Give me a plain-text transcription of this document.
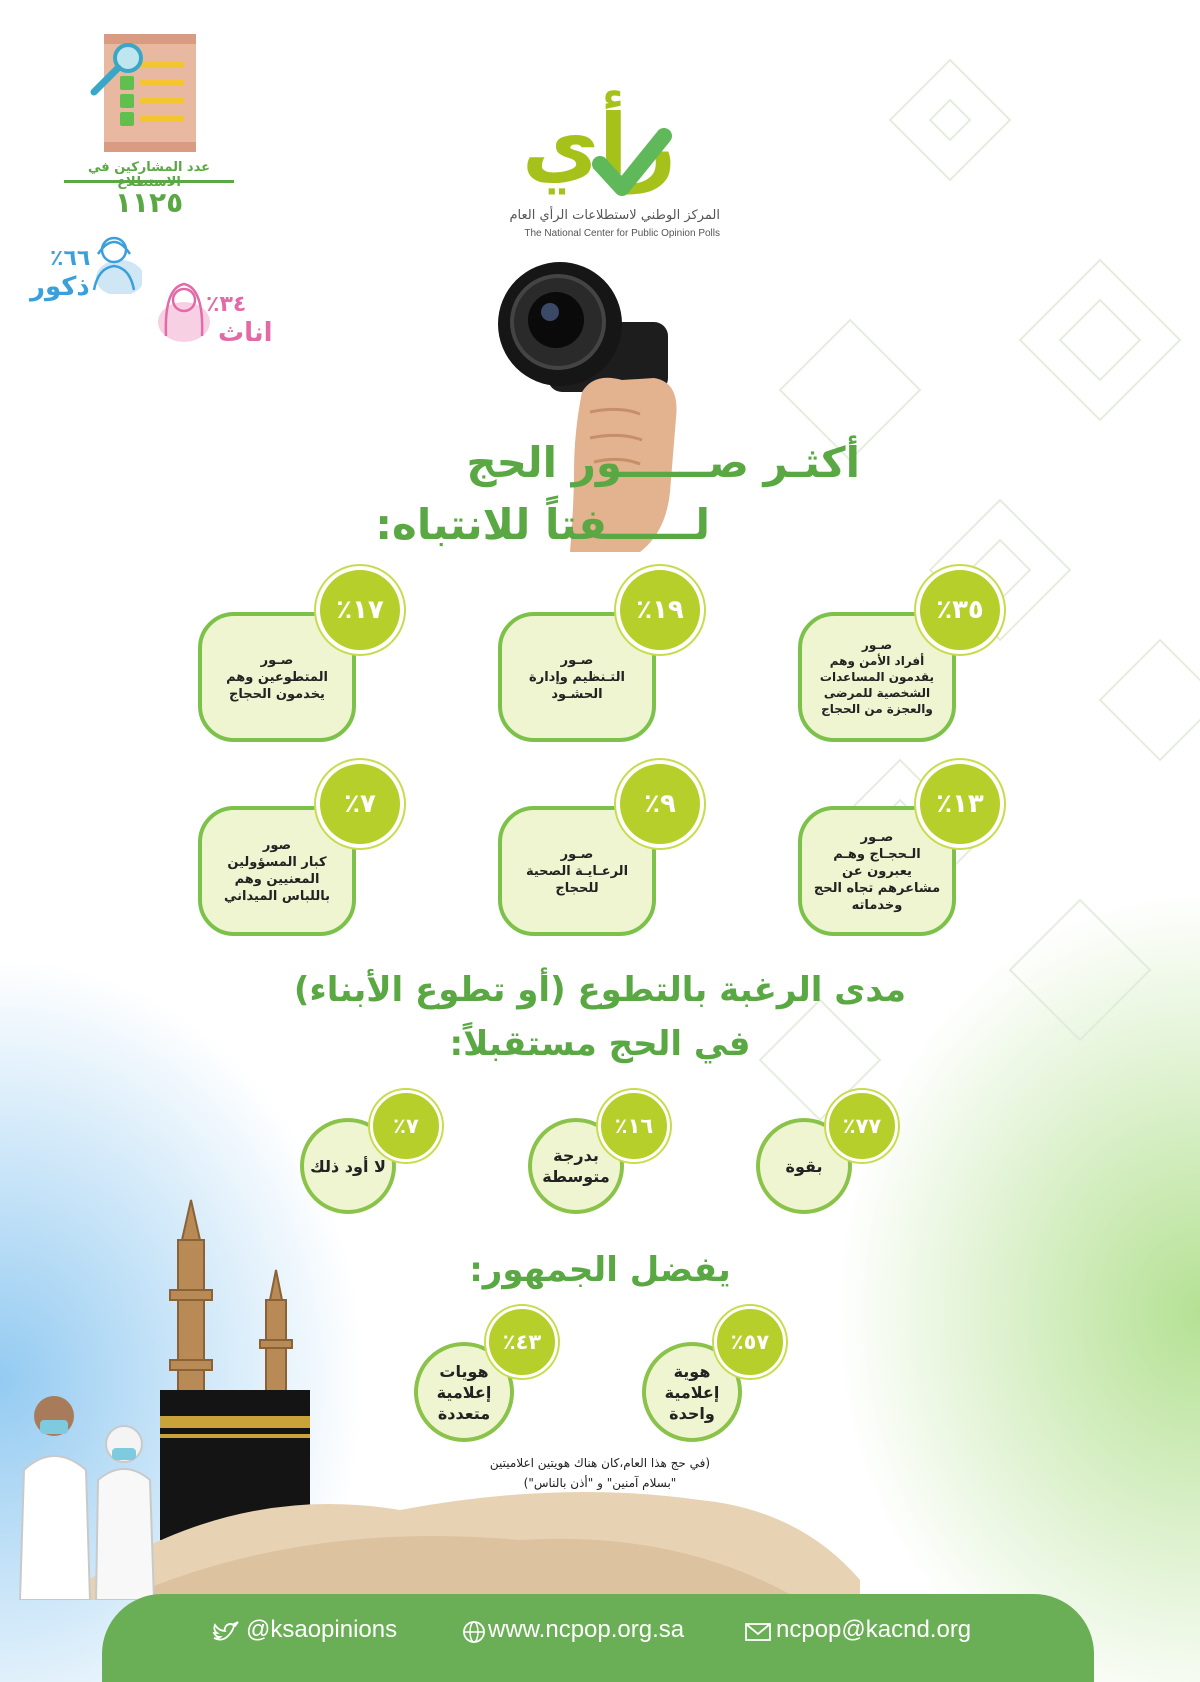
عدد المشاركين في
١١٢٥
٦٦٪
ذكور
٣٤٪
اناث
رأي
المركز الوطني لاستطلاعات الرأي العام
The National Center for Public Opinion Polls
أكثـر صــــــور الحج
لــــــفتاً للانتباه:
صـور
أفراد الأمن وهم يقدمون المساعدات الشخصية للمرضى والعجزة من الحجاج
٣٥٪
صـور
التـنظيم وإدارة الحشـود
١٩٪
صـور
المتطوعين وهم يخدمون الحجاج
١٧٪
صـور
الـحجـاج وهـم يعبرون عن مشاعرهم تجاه الحج وخدماته
١٣٪
صـور
الرعـايـة الصحية للحجاج
٩٪
صور
كبار المسؤولين المعنيين وهم باللباس الميداني
٧٪
مدى الرغبة بالتطوع (أو تطوع الأبناء)
في الحج مستقبلاً:
بقوة
٧٧٪
بدرجة متوسطة
١٦٪
لا أود ذلك
٧٪
يفضل الجمهور:
هوية إعلامية واحدة
٥٧٪
هويات إعلامية متعددة
٤٣٪
(في حج هذا العام،كان هناك هويتين اعلاميتين
"بسلام آمنين" و "أذن بالناس")
@ksaopinions	www.ncpop.org.sa	ncpop@kacnd.org
